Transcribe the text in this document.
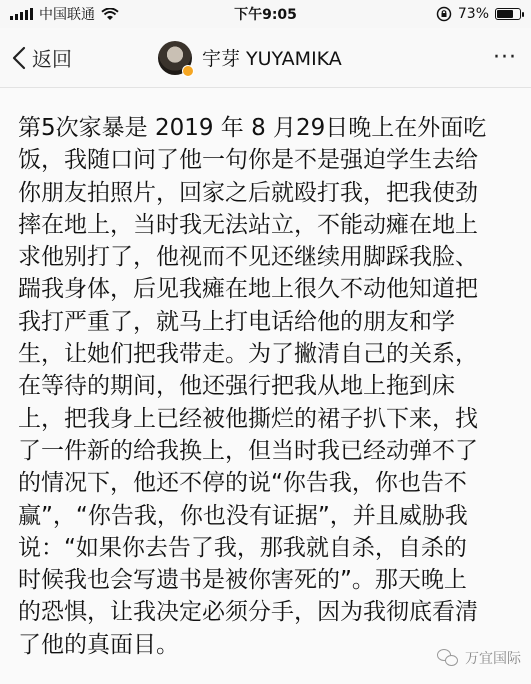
中国联通	下午9:05	73%
返回	宇芽 YUYAMIKA	···
第5次家暴是 2019 年 8 月29日晚上在外面吃
饭，我随口问了他一句你是不是强迫学生去给
你朋友拍照片，回家之后就殴打我，把我使劲
摔在地上，当时我无法站立，不能动瘫在地上
求他别打了，他视而不见还继续用脚踩我脸、
踹我身体，后见我瘫在地上很久不动他知道把
我打严重了，就马上打电话给他的朋友和学
生，让她们把我带走。为了撇清自己的关系，
在等待的期间，他还强行把我从地上拖到床
上，把我身上已经被他撕烂的裙子扒下来，找
了一件新的给我换上，但当时我已经动弹不了
的情况下，他还不停的说“你告我，你也告不
赢”，“你告我，你也没有证据”，并且威胁我
说：“如果你去告了我，那我就自杀，自杀的
时候我也会写遗书是被你害死的”。那天晚上
的恐惧，让我决定必须分手，因为我彻底看清
了他的真面目。
万宜国际
